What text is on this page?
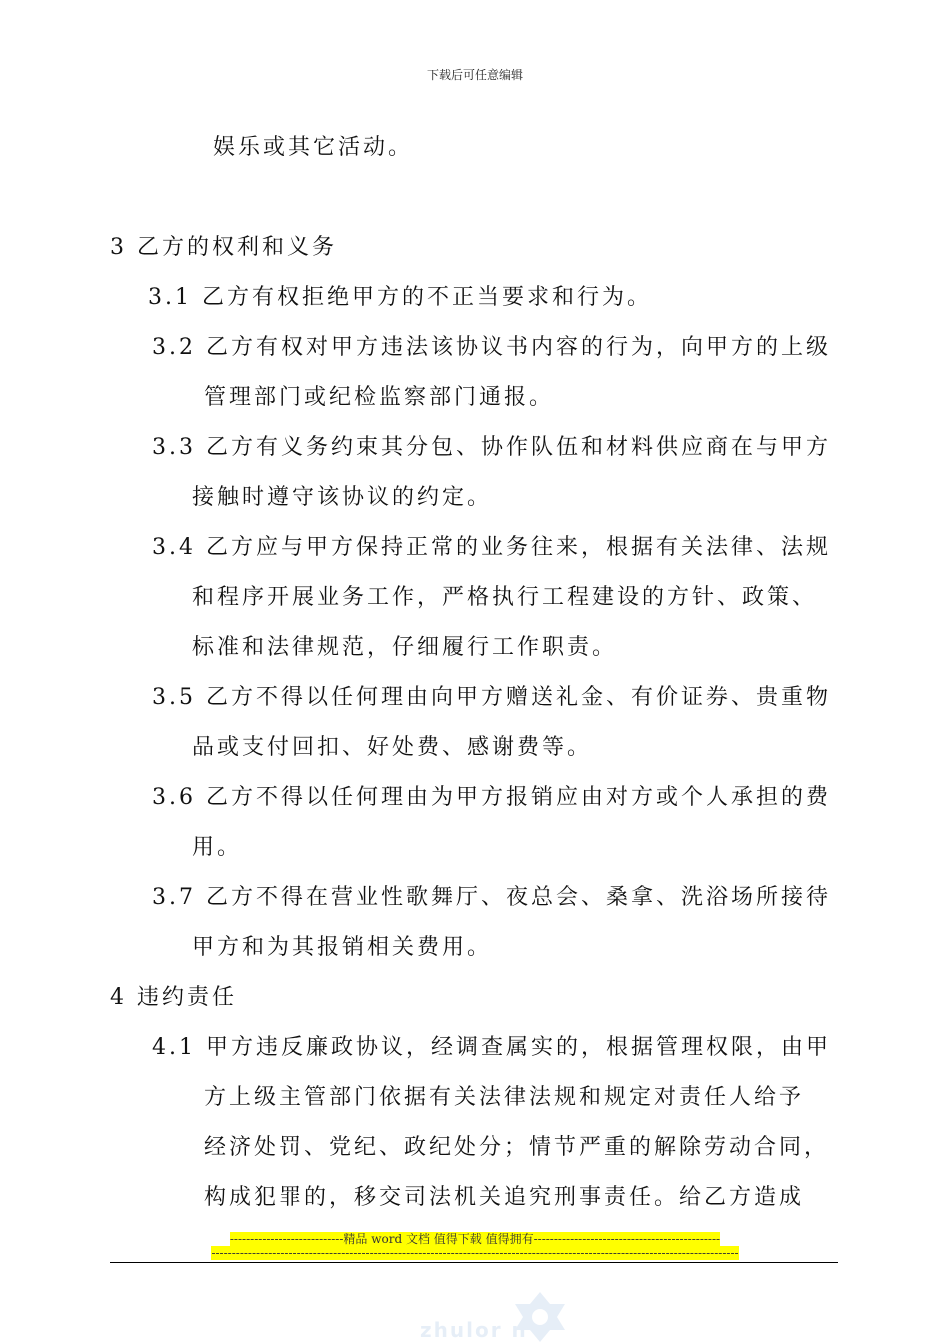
下载后可任意编辑
娱乐或其它活动。
3 乙方的权利和义务
3.1 乙方有权拒绝甲方的不正当要求和行为。
3.2 乙方有权对甲方违法该协议书内容的行为，向甲方的上级
管理部门或纪检监察部门通报。
3.3 乙方有义务约束其分包、协作队伍和材料供应商在与甲方
接触时遵守该协议的约定。
3.4 乙方应与甲方保持正常的业务往来，根据有关法律、法规
和程序开展业务工作，严格执行工程建设的方针、政策、
标准和法律规范，仔细履行工作职责。
3.5 乙方不得以任何理由向甲方赠送礼金、有价证券、贵重物
品或支付回扣、好处费、感谢费等。
3.6 乙方不得以任何理由为甲方报销应由对方或个人承担的费
用。
3.7 乙方不得在营业性歌舞厅、夜总会、桑拿、洗浴场所接待
甲方和为其报销相关费用。
4 违约责任
4.1 甲方违反廉政协议，经调查属实的，根据管理权限，由甲
方上级主管部门依据有关法律法规和规定对责任人给予
经济处罚、党纪、政纪处分；情节严重的解除劳动合同，
构成犯罪的，移交司法机关追究刑事责任。给乙方造成
----------------------------精品 word 文档 值得下载 值得拥有----------------------------------------------
----------------------------------------------------------------------------------------------------------------------------------
zhulor n
